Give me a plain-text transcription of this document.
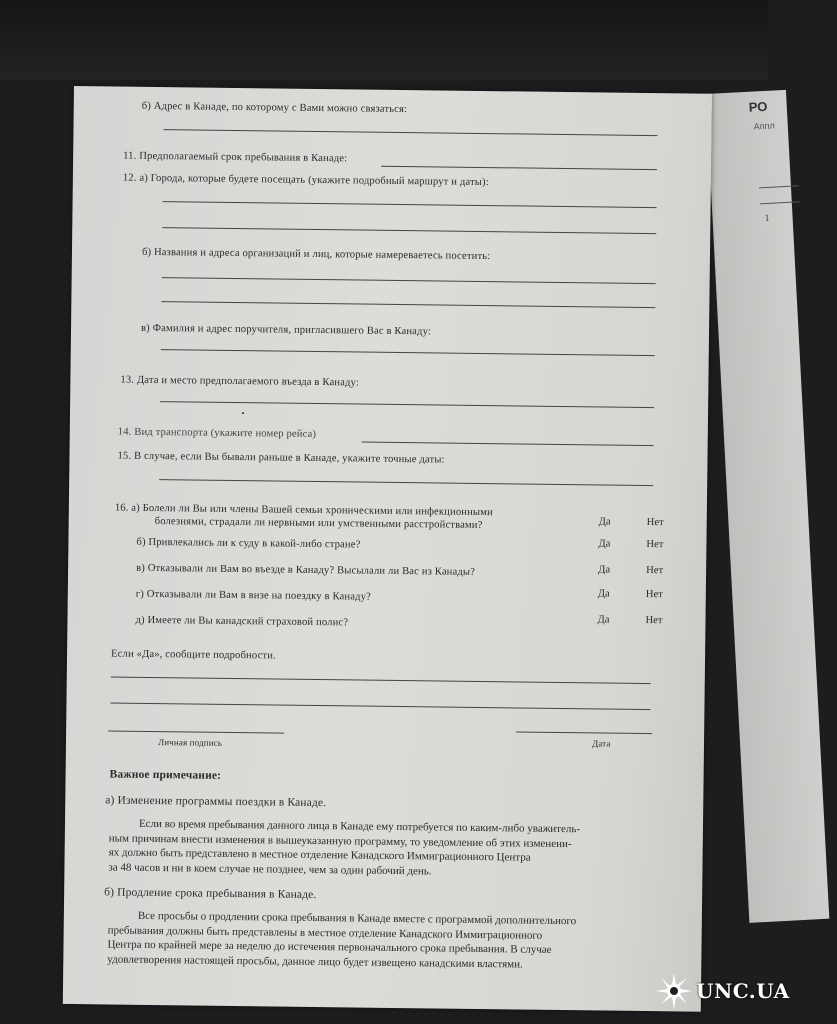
РО
Аппл
1
б) Адрес в Канаде, по которому с Вами можно связаться:
11. Предполагаемый срок пребывания в Канаде:
12. а) Города, которые будете посещать (укажите подробный маршрут и даты):
б) Названия и адреса организаций и лиц, которые намереваетесь посетить:
в) Фамилия и адрес поручителя, пригласившего Вас в Канаду:
13. Дата и место предполагаемого въезда в Канаду:
14. Вид транспорта (укажите номер рейса)
15. В случае, если Вы бывали раньше в Канаде, укажите точные даты:
16. а) Болели ли Вы или члены Вашей семьи хроническими или инфекционными
болезнями, страдали ли нервными или умственными расстройствами?	Да	Нет
б) Привлекались ли к суду в какой-либо стране?	Да	Нет
в) Отказывали ли Вам во въезде в Канаду? Высылали ли Вас из Канады?	Да	Нет
г) Отказывали ли Вам в визе на поездку в Канаду?	Да	Нет
д) Имеете ли Вы канадский страховой полис?	Да	Нет
Если «Да», сообщите подробности.
Личная подпись	Дата
Важное примечание:
а) Изменение программы поездки в Канаде.
Если во время пребывания данного лица в Канаде ему потребуется по каким-либо уважитель-
ным причинам внести изменения в вышеуказанную программу, то уведомление об этих изменени-
ях должно быть представлено в местное отделение Канадского Иммиграционного Центра
за 48 часов и ни в коем случае не позднее, чем за один рабочий день.
б) Продление срока пребывания в Канаде.
Все просьбы о продлении срока пребывания в Канаде вместе с программой дополнительного
пребывания должны быть представлены в местное отделение Канадского Иммиграционного
Центра по крайней мере за неделю до истечения первоначального срока пребывания. В случае
удовлетворения настоящей просьбы, данное лицо будет извещено канадскими властями.
UNC.UA
